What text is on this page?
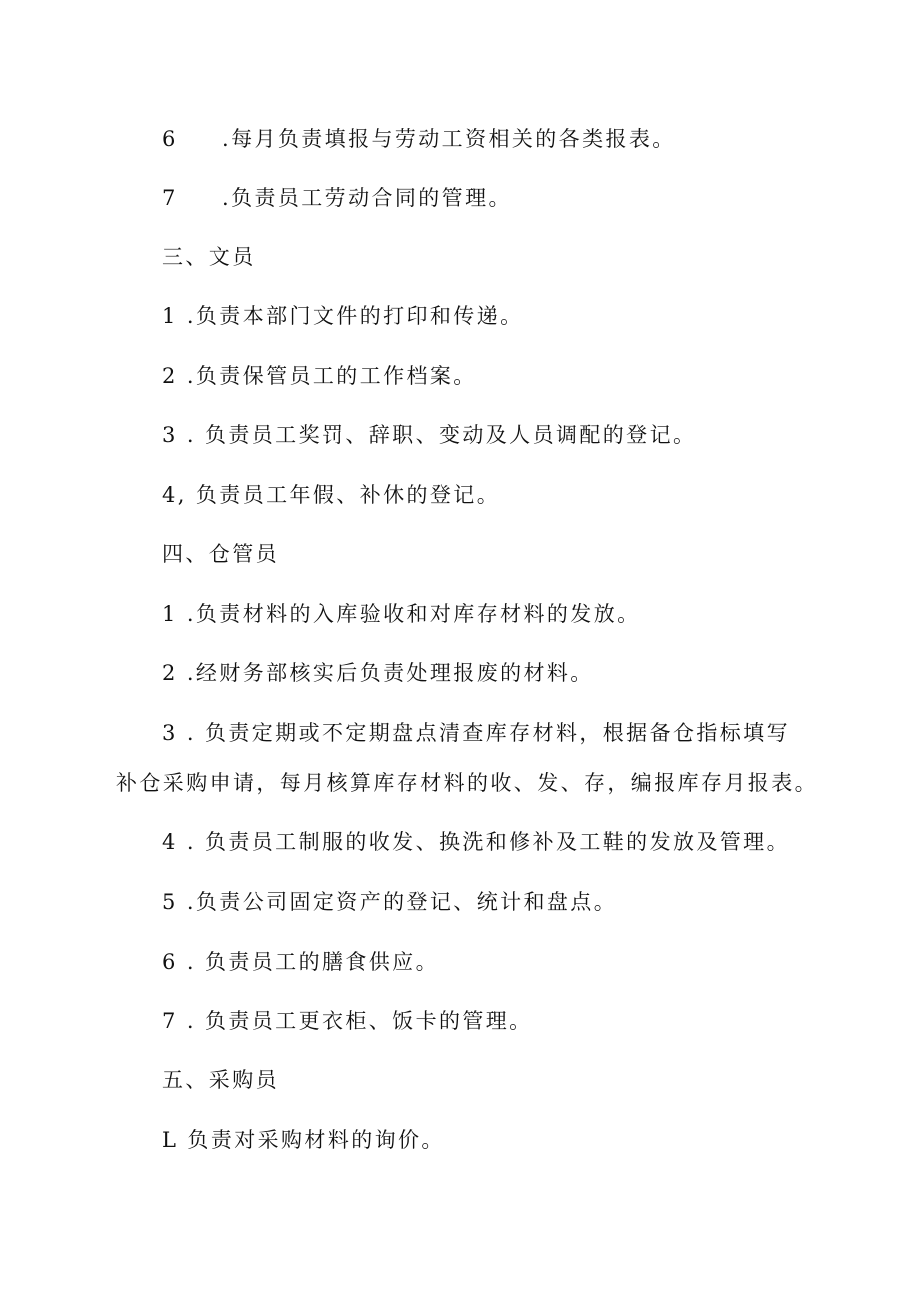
6 .每月负责填报与劳动工资相关的各类报表。
7 .负责员工劳动合同的管理。
三、文员
1 .负责本部门文件的打印和传递。
2 .负责保管员工的工作档案。
3 . 负责员工奖罚、辞职、变动及人员调配的登记。
4, 负责员工年假、补休的登记。
四、仓管员
1 .负责材料的入库验收和对库存材料的发放。
2 .经财务部核实后负责处理报废的材料。
3 . 负责定期或不定期盘点清查库存材料，根据备仓指标填写
补仓采购申请，每月核算库存材料的收、发、存，编报库存月报表。
4 . 负责员工制服的收发、换洗和修补及工鞋的发放及管理。
5 .负责公司固定资产的登记、统计和盘点。
6 . 负责员工的膳食供应。
7 . 负责员工更衣柜、饭卡的管理。
五、采购员
L 负责对采购材料的询价。
